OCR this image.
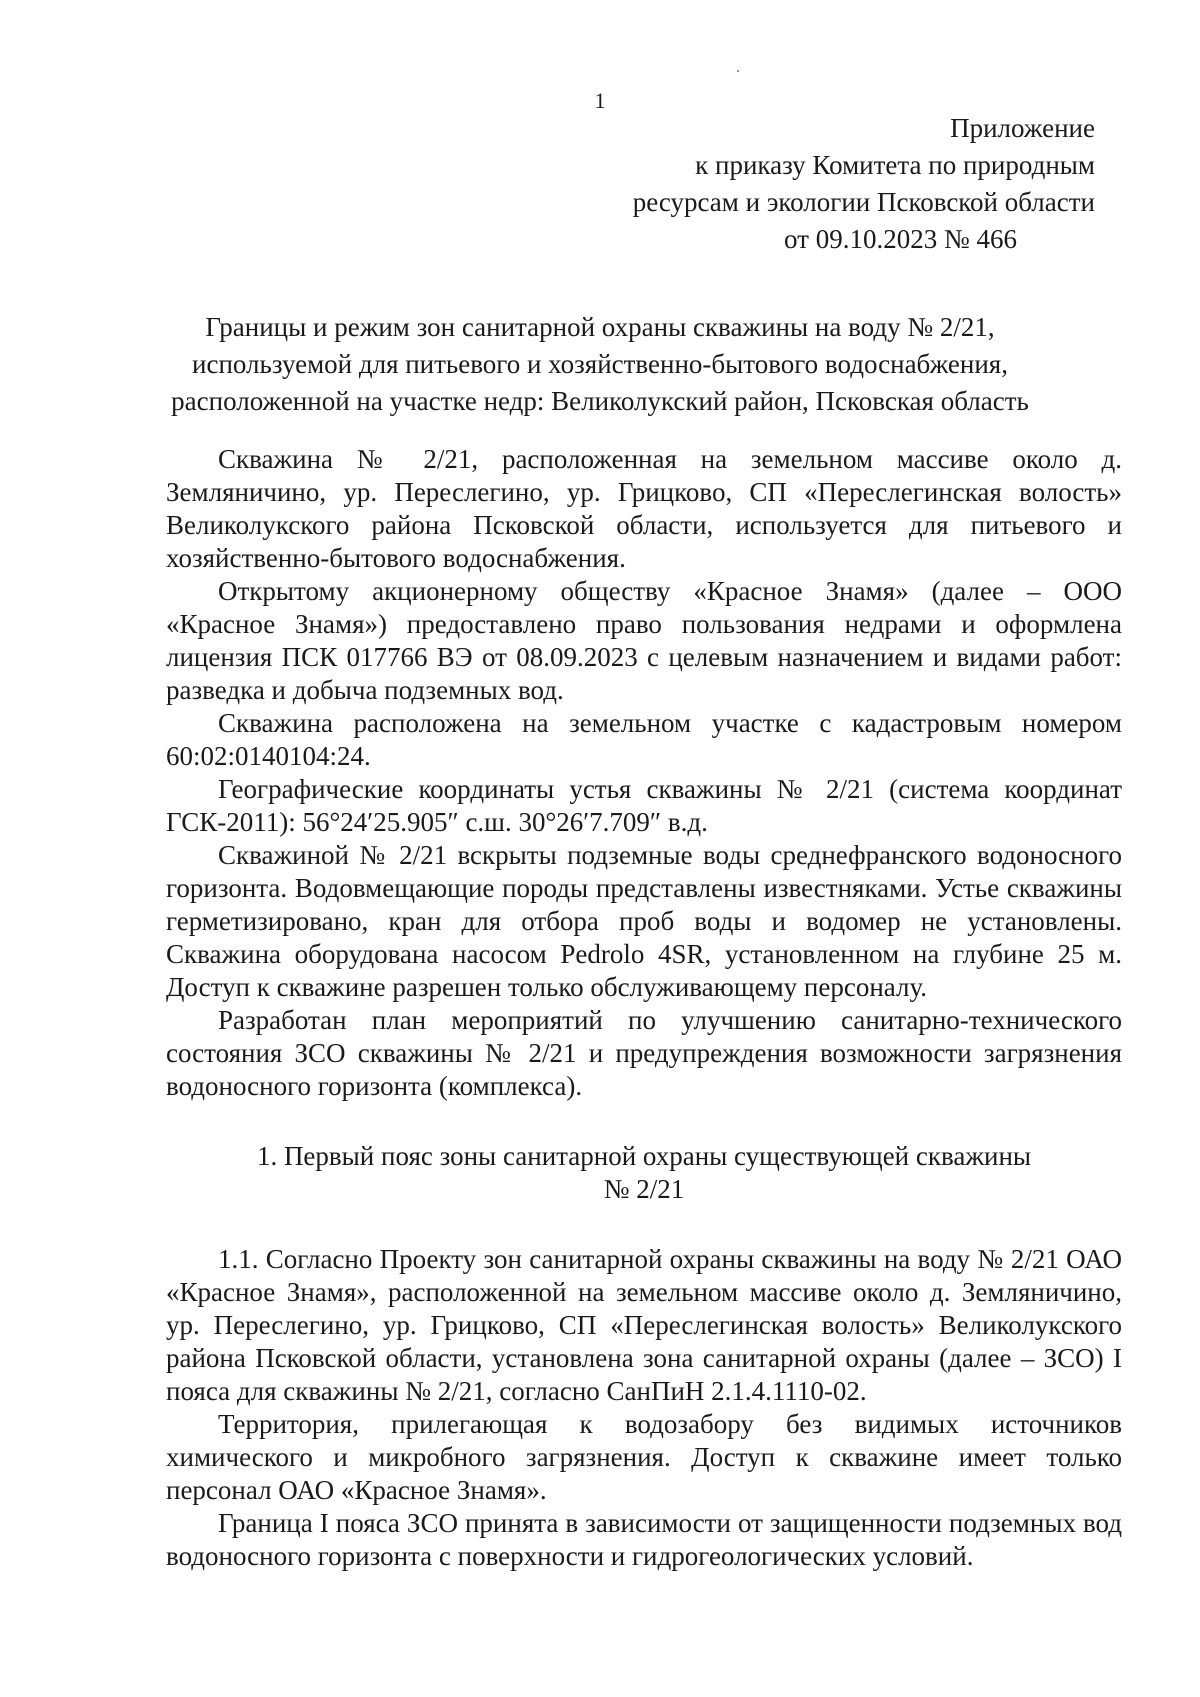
1
Приложение
к приказу Комитета по природным
ресурсам и экологии Псковской области
от 09.10.2023 № 466
Границы и режим зон санитарной охраны скважины на воду № 2/21,
используемой для питьевого и хозяйственно-бытового водоснабжения,
расположенной на участке недр: Великолукский район, Псковская область

Скважина № 2/21, расположенная на земельном массиве около д. Земляничино, ур. Переслегино, ур. Грицково, СП «Переслегинская волость» Великолукского района Псковской области, используется для питьевого и хозяйственно-бытового водоснабжения.

Открытому акционерному обществу «Красное Знамя» (далее – ООО «Красное Знамя») предоставлено право пользования недрами и оформлена лицензия ПСК 017766 ВЭ от 08.09.2023 с целевым назначением и видами работ: разведка и добыча подземных вод.

Скважина расположена на земельном участке с кадастровым номером 60:02:0140104:24.

Географические координаты устья скважины № 2/21 (система координат ГСК-2011): 56°24′25.905″ с.ш. 30°26′7.709″ в.д.

Скважиной № 2/21 вскрыты подземные воды среднефранского водоносного горизонта. Водовмещающие породы представлены известняками. Устье скважины герметизировано, кран для отбора проб воды и водомер не установлены. Скважина оборудована насосом Pedrolo 4SR, установленном на глубине 25 м. Доступ к скважине разрешен только обслуживающему персоналу.

Разработан план мероприятий по улучшению санитарно-технического состояния ЗСО скважины № 2/21 и предупреждения возможности загрязнения водоносного горизонта (комплекса).

1. Первый пояс зоны санитарной охраны существующей скважины
№ 2/21

1.1. Согласно Проекту зон санитарной охраны скважины на воду № 2/21 ОАО «Красное Знамя», расположенной на земельном массиве около д. Земляничино, ур. Переслегино, ур. Грицково, СП «Переслегинская волость» Великолукского района Псковской области, установлена зона санитарной охраны (далее – ЗСО) I пояса для скважины № 2/21, согласно СанПиН 2.1.4.1110-02.

Территория, прилегающая к водозабору без видимых источников химического и микробного загрязнения. Доступ к скважине имеет только персонал ОАО «Красное Знамя».

Граница I пояса ЗСО принята в зависимости от защищенности подземных вод водоносного горизонта с поверхности и гидрогеологических условий.
